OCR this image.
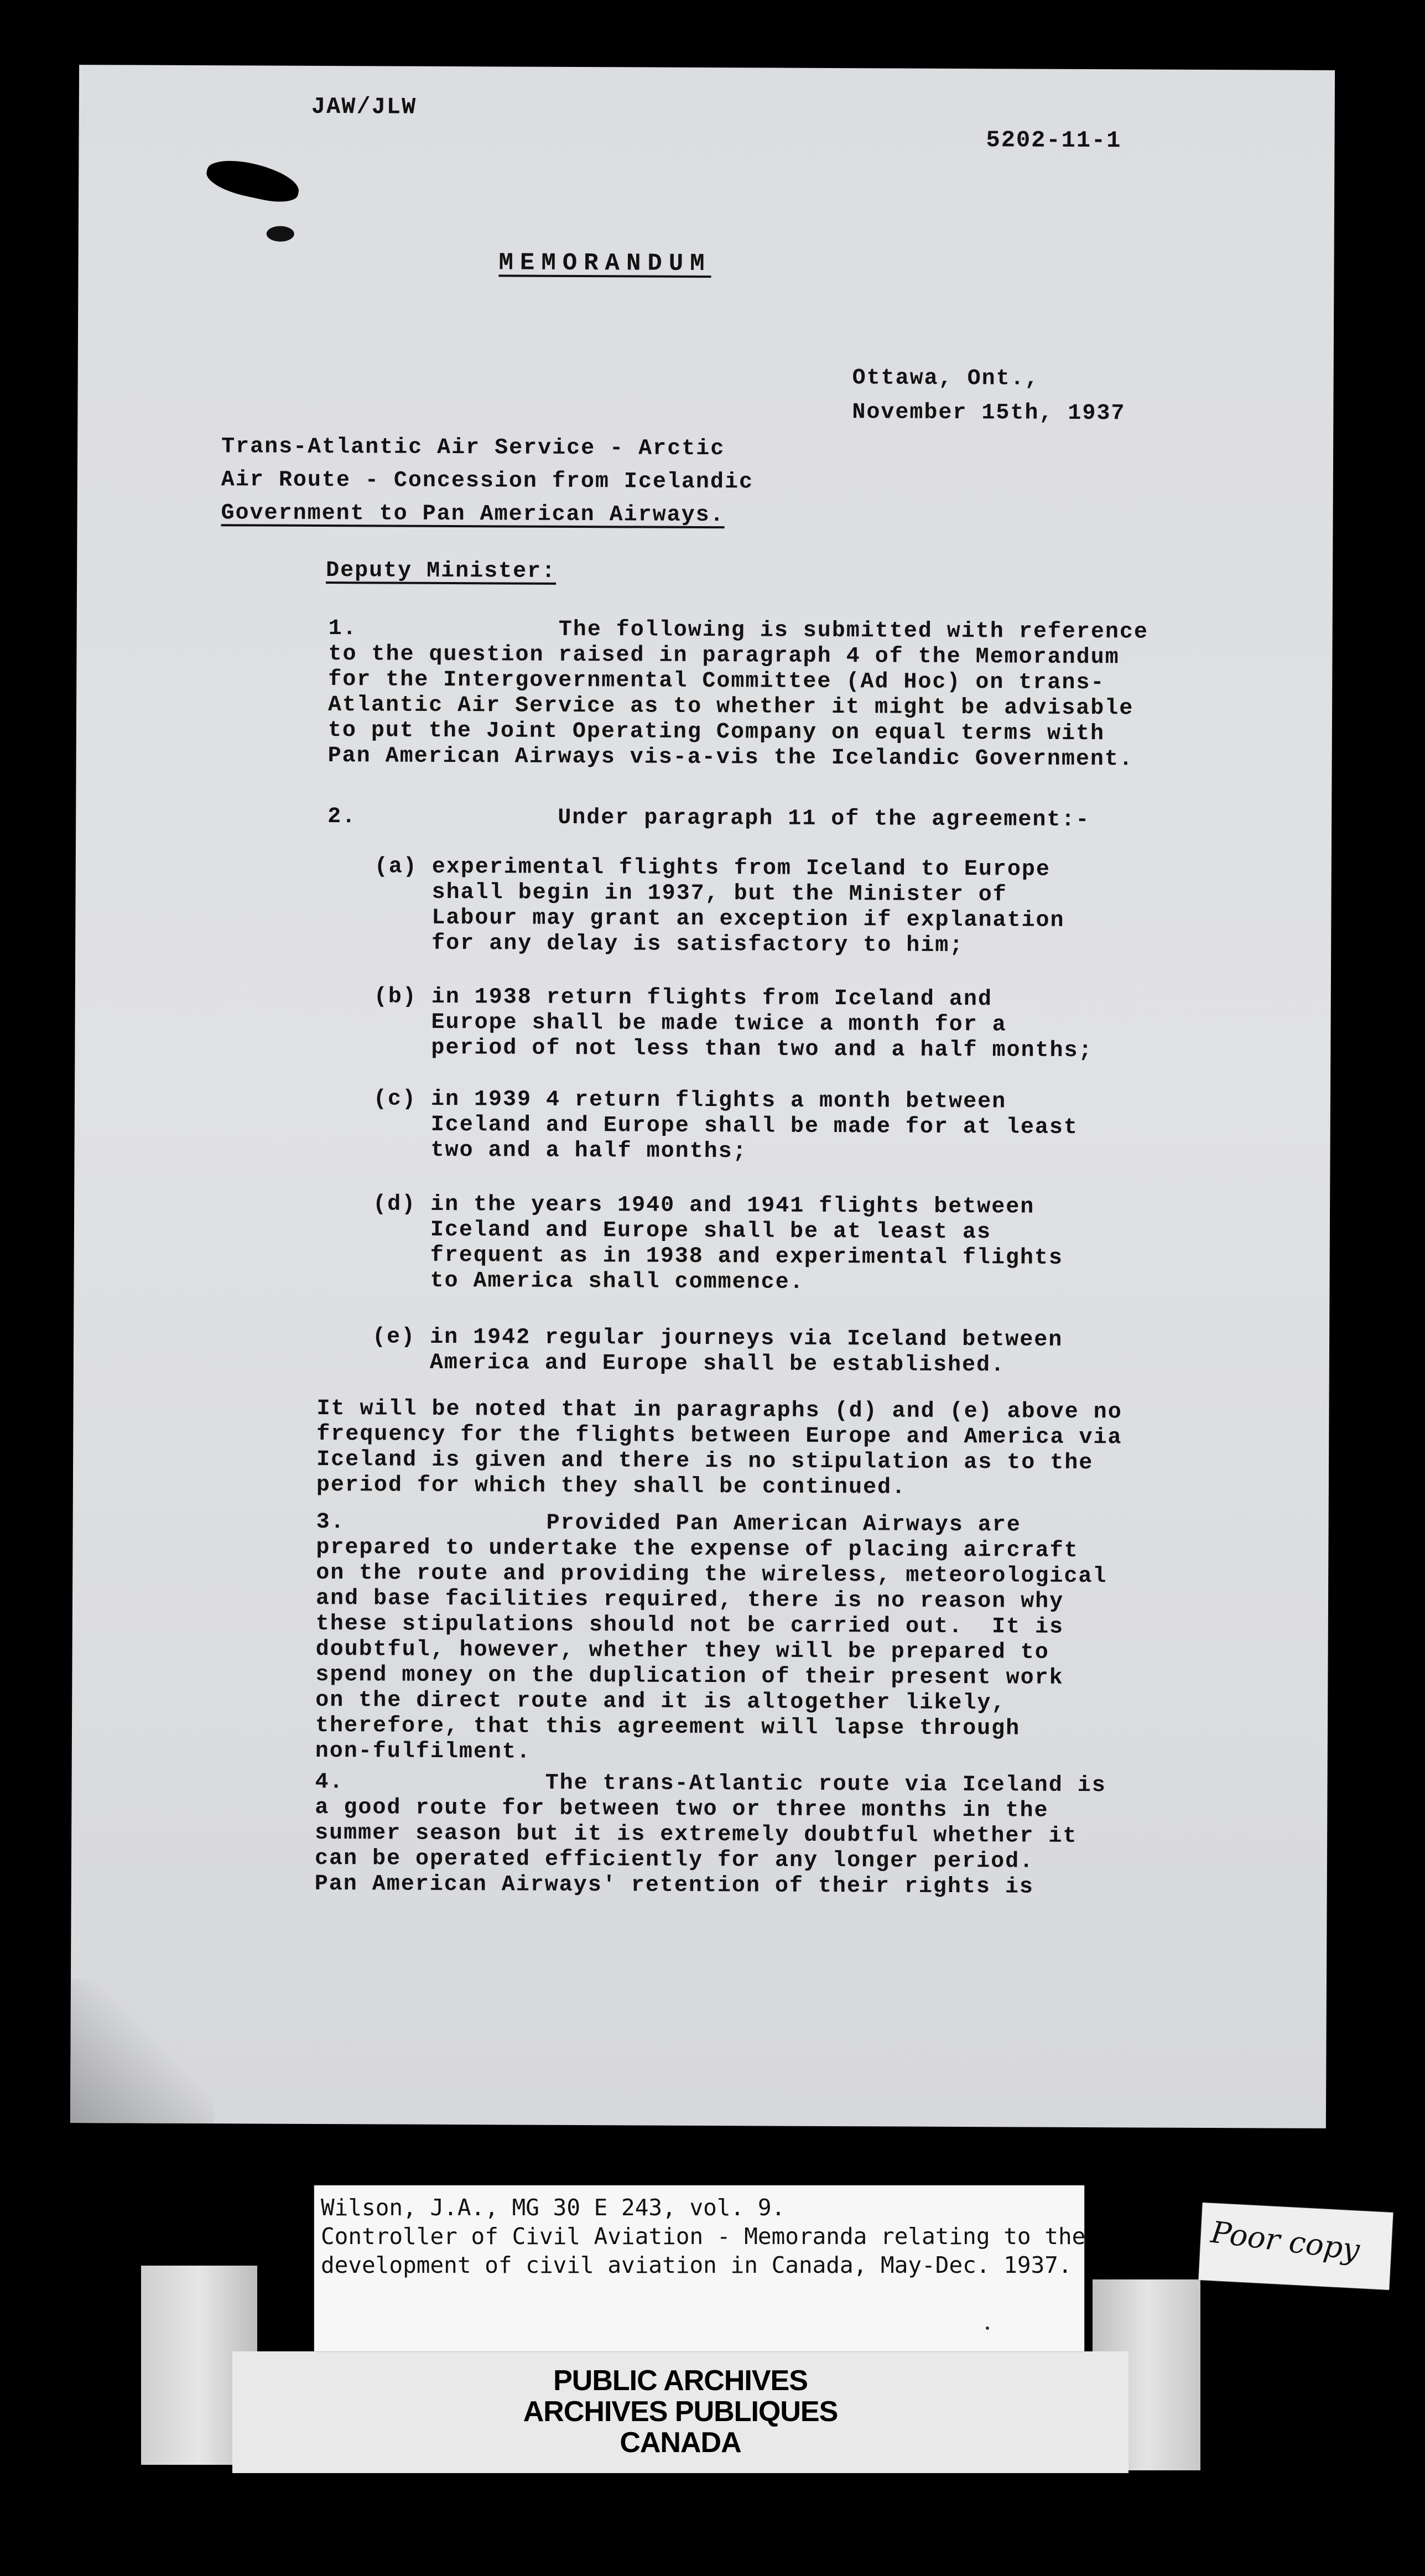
JAW/JLW
5202-11-1
MEMORANDUM
Ottawa, Ont.,
November 15th, 1937
Trans-Atlantic Air Service - Arctic
Air Route - Concession from Icelandic
Government to Pan American Airways.
Deputy Minister:
1.              The following is submitted with reference
to the question raised in paragraph 4 of the Memorandum
for the Intergovernmental Committee (Ad Hoc) on trans-
Atlantic Air Service as to whether it might be advisable
to put the Joint Operating Company on equal terms with
Pan American Airways vis-a-vis the Icelandic Government.
2.              Under paragraph 11 of the agreement:-
(a) experimental flights from Iceland to Europe
shall begin in 1937, but the Minister of
Labour may grant an exception if explanation
for any delay is satisfactory to him;
(b) in 1938 return flights from Iceland and
Europe shall be made twice a month for a
period of not less than two and a half months;
(c) in 1939 4 return flights a month between
Iceland and Europe shall be made for at least
two and a half months;
(d) in the years 1940 and 1941 flights between
Iceland and Europe shall be at least as
frequent as in 1938 and experimental flights
to America shall commence.
(e) in 1942 regular journeys via Iceland between
America and Europe shall be established.
It will be noted that in paragraphs (d) and (e) above no
frequency for the flights between Europe and America via
Iceland is given and there is no stipulation as to the
period for which they shall be continued.
3.              Provided Pan American Airways are
prepared to undertake the expense of placing aircraft
on the route and providing the wireless, meteorological
and base facilities required, there is no reason why
these stipulations should not be carried out.  It is
doubtful, however, whether they will be prepared to
spend money on the duplication of their present work
on the direct route and it is altogether likely,
therefore, that this agreement will lapse through
non-fulfilment.
4.              The trans-Atlantic route via Iceland is
a good route for between two or three months in the
summer season but it is extremely doubtful whether it
can be operated efficiently for any longer period.
Pan American Airways' retention of their rights is
Wilson, J.A., MG 30 E 243, vol. 9.
Controller of Civil Aviation - Memoranda relating to the
development of civil aviation in Canada, May-Dec. 1937.
PUBLIC ARCHIVES
ARCHIVES PUBLIQUES
CANADA
Poor copy
